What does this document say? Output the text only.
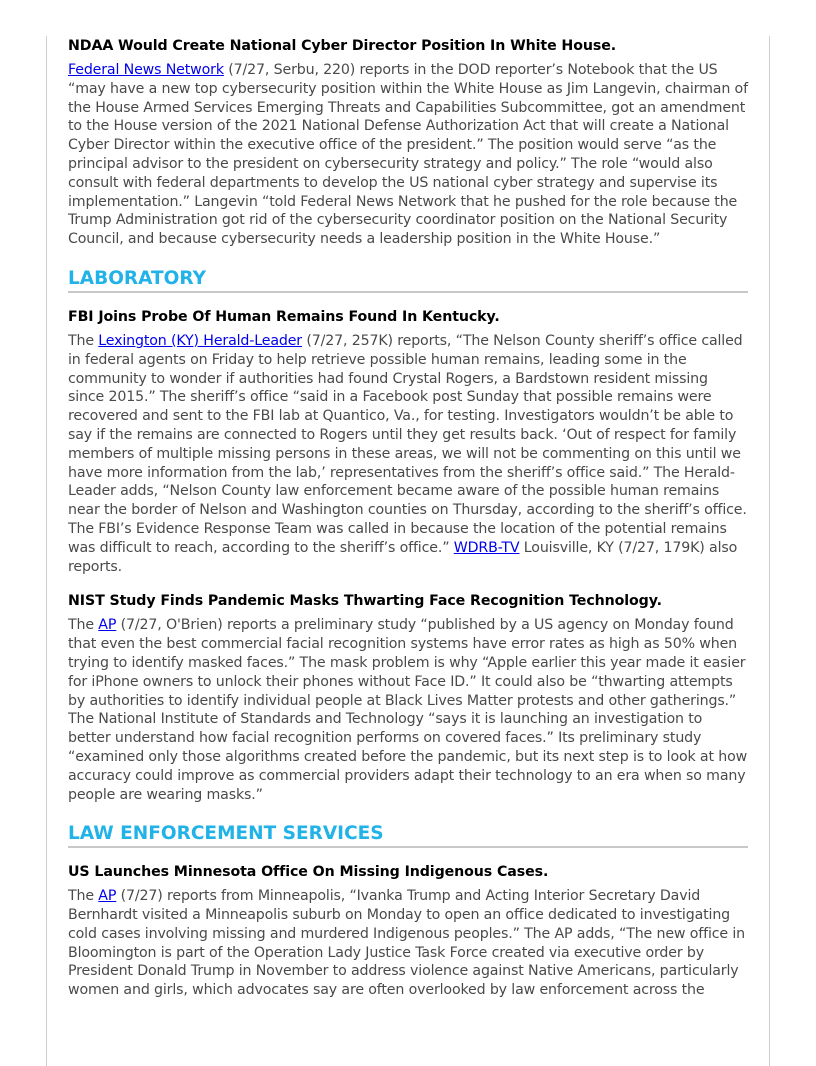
NDAA Would Create National Cyber Director Position In White House.

Federal News Network (7/27, Serbu, 220) reports in the DOD reporter’s Notebook that the US “may have a new top cybersecurity position within the White House as Jim Langevin, chairman of the House Armed Services Emerging Threats and Capabilities Subcommittee, got an amendment to the House version of the 2021 National Defense Authorization Act that will create a National Cyber Director within the executive office of the president.” The position would serve “as the principal advisor to the president on cybersecurity strategy and policy.” The role “would also consult with federal departments to develop the US national cyber strategy and supervise its implementation.” Langevin “told Federal News Network that he pushed for the role because the Trump Administration got rid of the cybersecurity coordinator position on the National Security Council, and because cybersecurity needs a leadership position in the White House.”

LABORATORY
FBI Joins Probe Of Human Remains Found In Kentucky.

The Lexington (KY) Herald-Leader (7/27, 257K) reports, “The Nelson County sheriff’s office called in federal agents on Friday to help retrieve possible human remains, leading some in the community to wonder if authorities had found Crystal Rogers, a Bardstown resident missing since 2015.” The sheriff’s office “said in a Facebook post Sunday that possible remains were recovered and sent to the FBI lab at Quantico, Va., for testing. Investigators wouldn’t be able to say if the remains are connected to Rogers until they get results back. ‘Out of respect for family members of multiple missing persons in these areas, we will not be commenting on this until we have more information from the lab,’ representatives from the sheriff’s office said.” The Herald-Leader adds, “Nelson County law enforcement became aware of the possible human remains near the border of Nelson and Washington counties on Thursday, according to the sheriff’s office. The FBI’s Evidence Response Team was called in because the location of the potential remains was difficult to reach, according to the sheriff’s office.” WDRB-TV Louisville, KY (7/27, 179K) also reports.

NIST Study Finds Pandemic Masks Thwarting Face Recognition Technology.

The AP (7/27, O'Brien) reports a preliminary study “published by a US agency on Monday found that even the best commercial facial recognition systems have error rates as high as 50% when trying to identify masked faces.” The mask problem is why “Apple earlier this year made it easier for iPhone owners to unlock their phones without Face ID.” It could also be “thwarting attempts by authorities to identify individual people at Black Lives Matter protests and other gatherings.” The National Institute of Standards and Technology “says it is launching an investigation to better understand how facial recognition performs on covered faces.” Its preliminary study “examined only those algorithms created before the pandemic, but its next step is to look at how accuracy could improve as commercial providers adapt their technology to an era when so many people are wearing masks.”

LAW ENFORCEMENT SERVICES
US Launches Minnesota Office On Missing Indigenous Cases.

The AP (7/27) reports from Minneapolis, “Ivanka Trump and Acting Interior Secretary David Bernhardt visited a Minneapolis suburb on Monday to open an office dedicated to investigating cold cases involving missing and murdered Indigenous peoples.” The AP adds, “The new office in Bloomington is part of the Operation Lady Justice Task Force created via executive order by President Donald Trump in November to address violence against Native Americans, particularly women and girls, which advocates say are often overlooked by law enforcement across the
